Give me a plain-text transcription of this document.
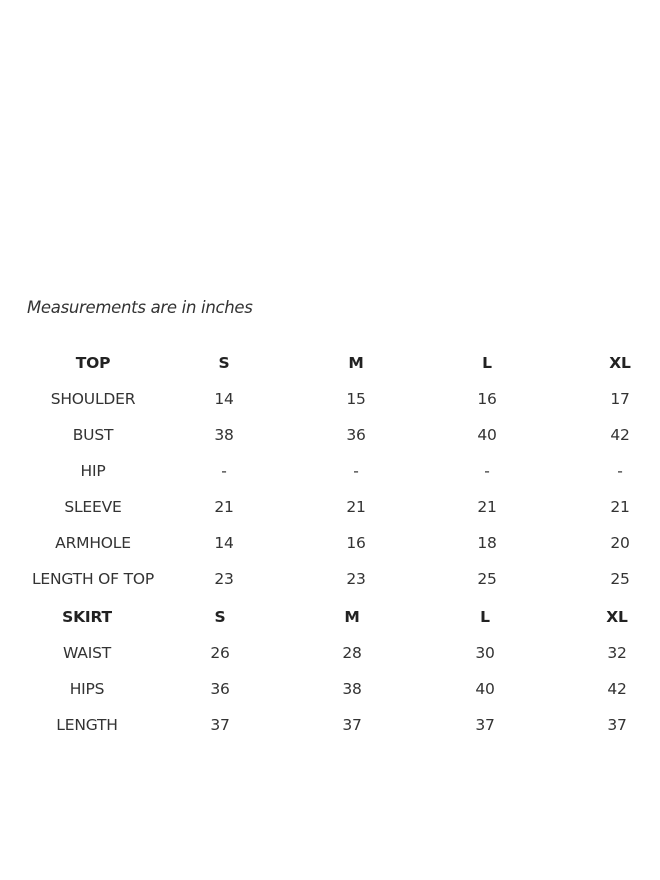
Measurements are in inches
TOP	S	M	L	XL
SHOULDER	14	15	16	17
BUST	38	36	40	42
HIP	-	-	-	-
SLEEVE	21	21	21	21
ARMHOLE	14	16	18	20
LENGTH OF TOP	23	23	25	25
SKIRT	S	M	L	XL
WAIST	26	28	30	32
HIPS	36	38	40	42
LENGTH	37	37	37	37
